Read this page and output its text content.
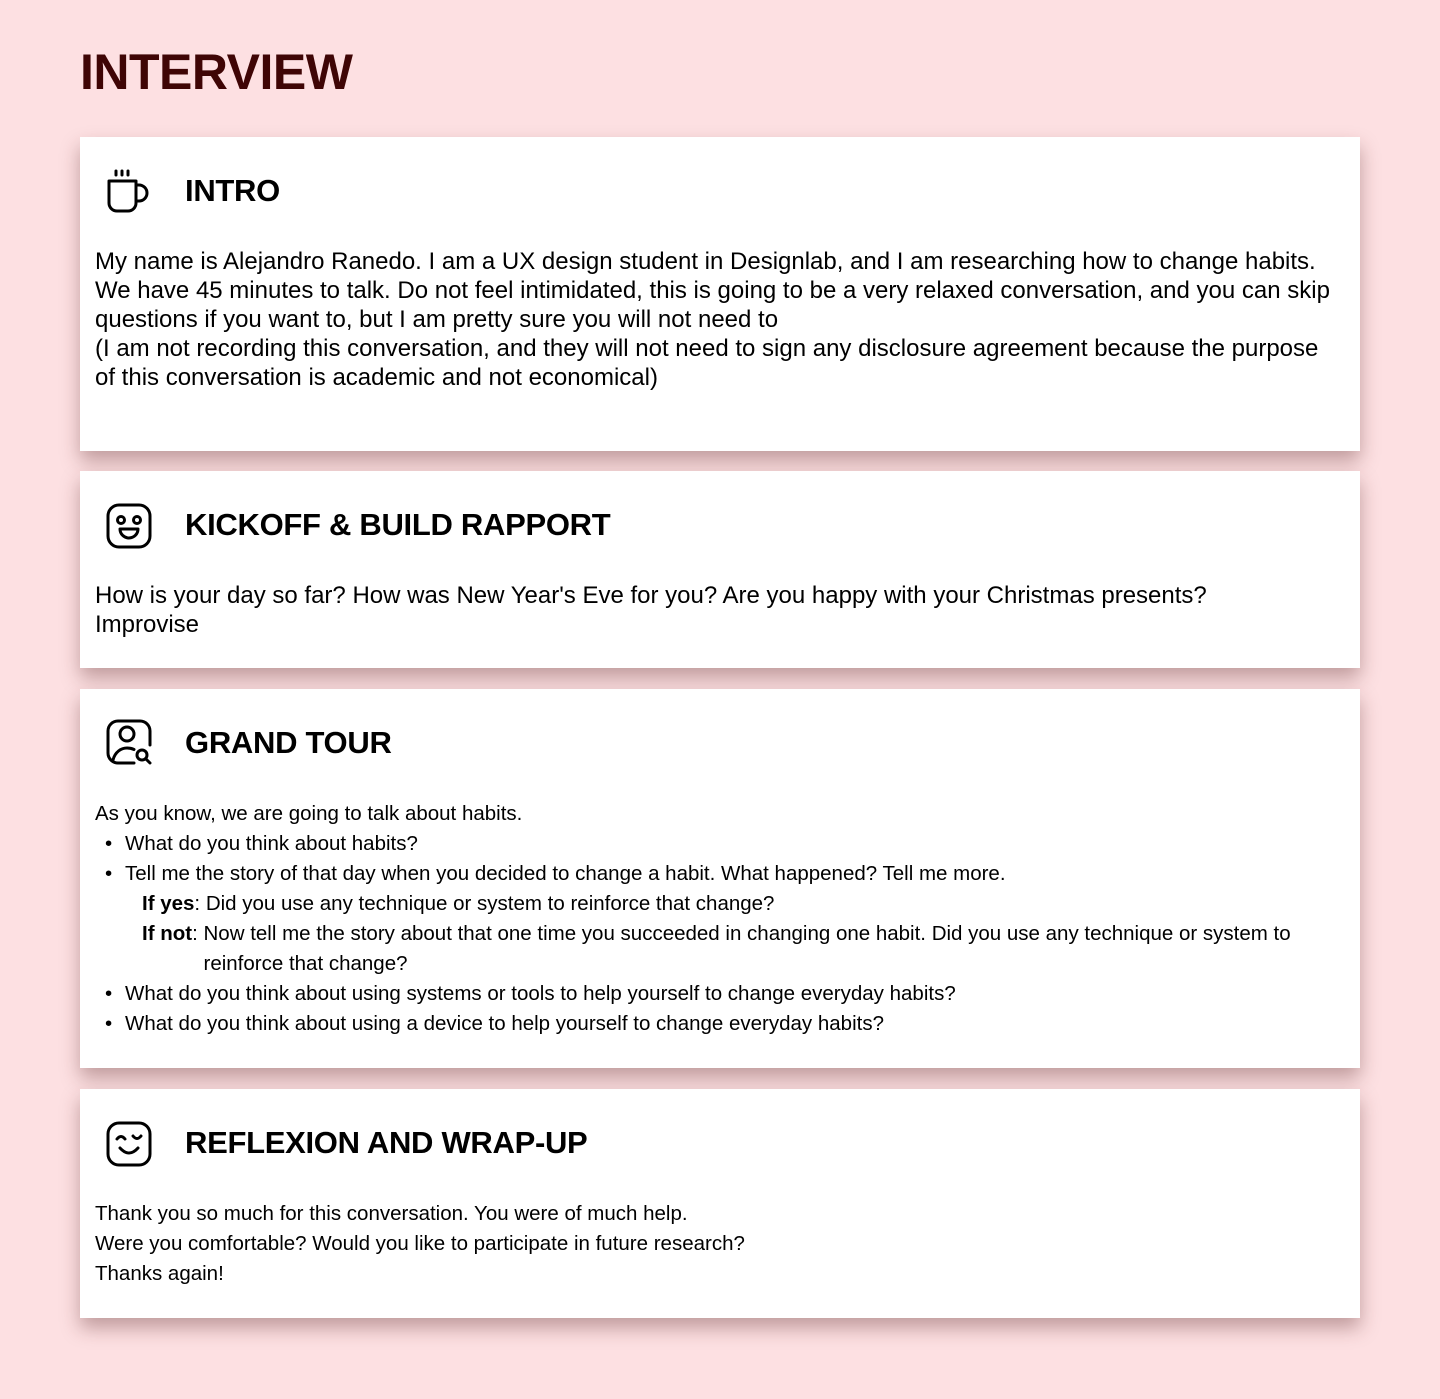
INTERVIEW
INTRO

My name is Alejandro Ranedo. I am a UX design student in Designlab, and I am researching how to change habits.

We have 45 minutes to talk. Do not feel intimidated, this is going to be a very relaxed conversation, and you can skip questions if you want to, but I am pretty sure you will not need to

(I am not recording this conversation, and they will not need to sign any disclosure agreement because the purpose of this conversation is academic and not economical)

KICKOFF & BUILD RAPPORT

How is your day so far? How was New Year's Eve for you? Are you happy with your Christmas presents?

Improvise

GRAND TOUR

As you know, we are going to talk about habits.

• What do you think about habits?
• Tell me the story of that day when you decided to change a habit. What happened? Tell me more.
If yes : Did you use any technique or system to reinforce that change?
If not : Now tell me the story about that one time you succeeded in changing one habit. Did you use any technique or system to reinforce that change?
• What do you think about using systems or tools to help yourself to change everyday habits?
• What do you think about using a device to help yourself to change everyday habits?
REFLEXION AND WRAP-UP

Thank you so much for this conversation. You were of much help.

Were you comfortable? Would you like to participate in future research?

Thanks again!
